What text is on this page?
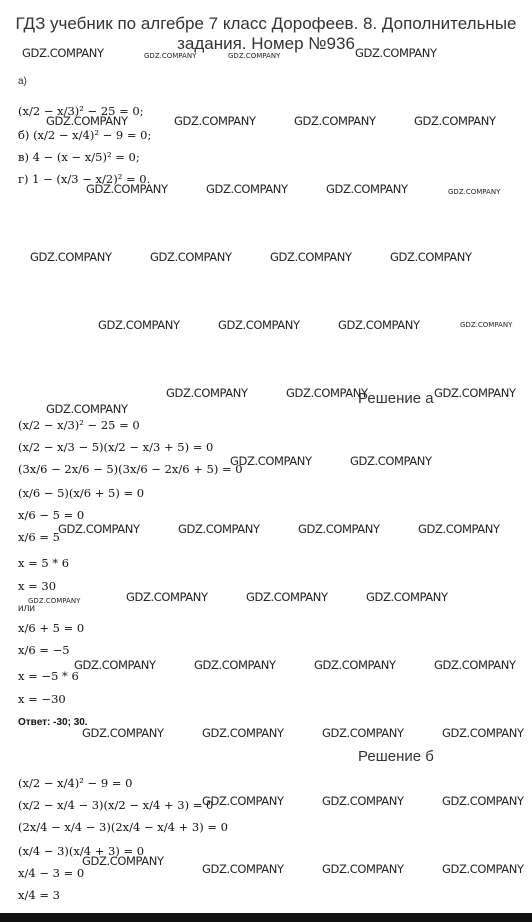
ГДЗ учебник по алгебре 7 класс Дорофеев. 8. Дополнительные задания. Номер №936
а)
(x/2 − x/3)² − 25 = 0;
б) (x/2 − x/4)² − 9 = 0;
в) 4 − (x − x/5)² = 0;
г) 1 − (x/3 − x/2)² = 0.
Решение а
(x/2 − x/3)² − 25 = 0
(x/2 − x/3 − 5)(x/2 − x/3 + 5) = 0
(3x/6 − 2x/6 − 5)(3x/6 − 2x/6 + 5) = 0
(x/6 − 5)(x/6 + 5) = 0
x/6 − 5 = 0
x/6 = 5
x = 5 * 6
x = 30
или
x/6 + 5 = 0
x/6 = −5
x = −5 * 6
x = −30
Ответ: -30; 30.
Решение б
(x/2 − x/4)² − 9 = 0
(x/2 − x/4 − 3)(x/2 − x/4 + 3) = 0
(2x/4 − x/4 − 3)(2x/4 − x/4 + 3) = 0
(x/4 − 3)(x/4 + 3) = 0
x/4 − 3 = 0
x/4 = 3
GDZ.COMPANY	GDZ.COMPANY	GDZ.COMPANY	GDZ.COMPANY
GDZ.COMPANY	GDZ.COMPANY	GDZ.COMPANY	GDZ.COMPANY
GDZ.COMPANY	GDZ.COMPANY	GDZ.COMPANY	GDZ.COMPANY
GDZ.COMPANY	GDZ.COMPANY	GDZ.COMPANY	GDZ.COMPANY
GDZ.COMPANY	GDZ.COMPANY	GDZ.COMPANY	GDZ.COMPANY
GDZ.COMPANY	GDZ.COMPANY	GDZ.COMPANY
GDZ.COMPANY
GDZ.COMPANY	GDZ.COMPANY
GDZ.COMPANY	GDZ.COMPANY	GDZ.COMPANY	GDZ.COMPANY
GDZ.COMPANY	GDZ.COMPANY	GDZ.COMPANY	GDZ.COMPANY
GDZ.COMPANY	GDZ.COMPANY	GDZ.COMPANY	GDZ.COMPANY
GDZ.COMPANY	GDZ.COMPANY	GDZ.COMPANY	GDZ.COMPANY
GDZ.COMPANY	GDZ.COMPANY	GDZ.COMPANY
GDZ.COMPANY
GDZ.COMPANY	GDZ.COMPANY	GDZ.COMPANY
